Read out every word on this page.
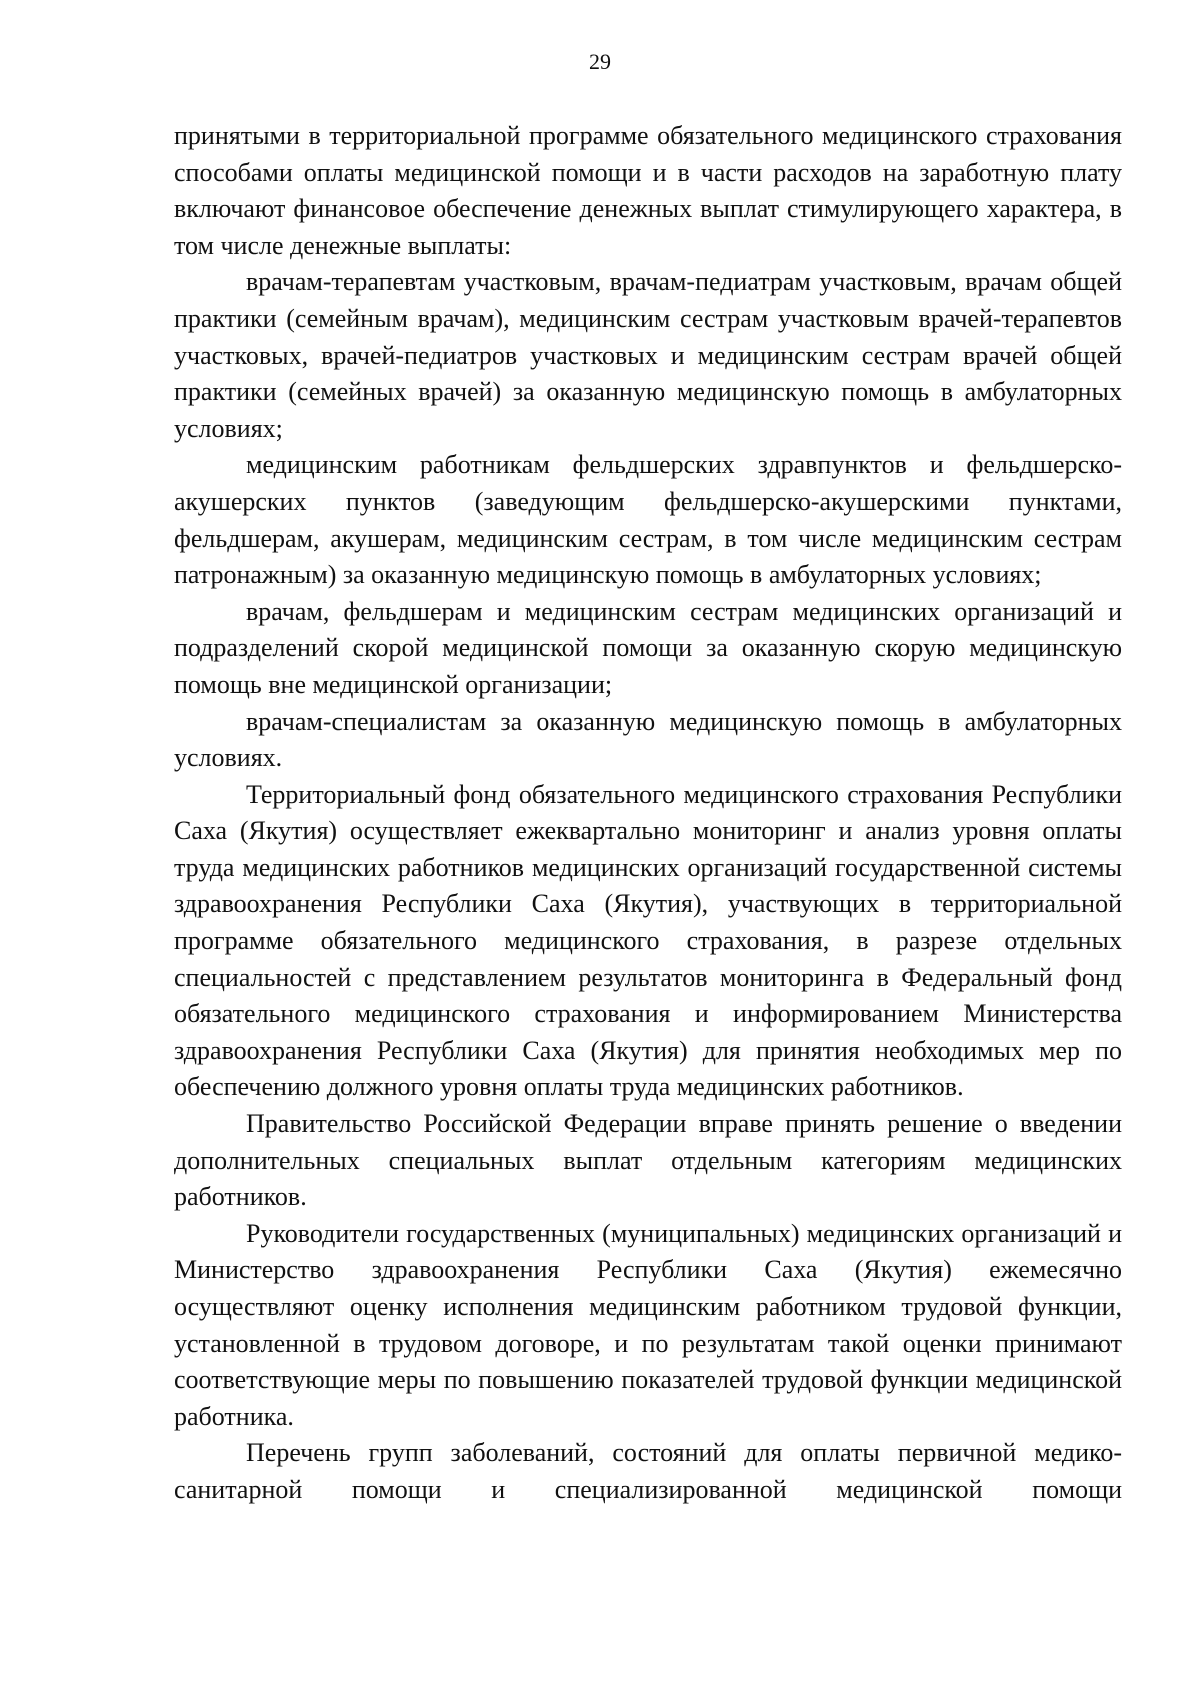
29

принятыми в территориальной программе обязательного медицинского страхования способами оплаты медицинской помощи и в части расходов на заработную плату включают финансовое обеспечение денежных выплат стимулирующего характера, в том числе денежные выплаты:

врачам-терапевтам участковым, врачам-педиатрам участковым, врачам общей практики (семейным врачам), медицинским сестрам участковым врачей-терапевтов участковых, врачей-педиатров участковых и медицинским сестрам врачей общей практики (семейных врачей) за оказанную медицинскую помощь в амбулаторных условиях;

медицинским работникам фельдшерских здравпунктов и фельдшерско-акушерских пунктов (заведующим фельдшерско-акушерскими пунктами, фельдшерам, акушерам, медицинским сестрам, в том числе медицинским сестрам патронажным) за оказанную медицинскую помощь в амбулаторных условиях;

врачам, фельдшерам и медицинским сестрам медицинских организаций и подразделений скорой медицинской помощи за оказанную скорую медицинскую помощь вне медицинской организации;

врачам-специалистам за оказанную медицинскую помощь в амбулаторных условиях.

Территориальный фонд обязательного медицинского страхования Республики Саха (Якутия) осуществляет ежеквартально мониторинг и анализ уровня оплаты труда медицинских работников медицинских организаций государственной системы здравоохранения Республики Саха (Якутия), участвующих в территориальной программе обязательного медицинского страхования, в разрезе отдельных специальностей с представлением результатов мониторинга в Федеральный фонд обязательного медицинского страхования и информированием Министерства здравоохранения Республики Саха (Якутия) для принятия необходимых мер по обеспечению должного уровня оплаты труда медицинских работников.

Правительство Российской Федерации вправе принять решение о введении дополнительных специальных выплат отдельным категориям медицинских работников.

Руководители государственных (муниципальных) медицинских организаций и Министерство здравоохранения Республики Саха (Якутия) ежемесячно осуществляют оценку исполнения медицинским работником трудовой функции, установленной в трудовом договоре, и по результатам такой оценки принимают соответствующие меры по повышению показателей трудовой функции медицинской работника.

Перечень групп заболеваний, состояний для оплаты первичной медико-санитарной помощи и специализированной медицинской помощи
